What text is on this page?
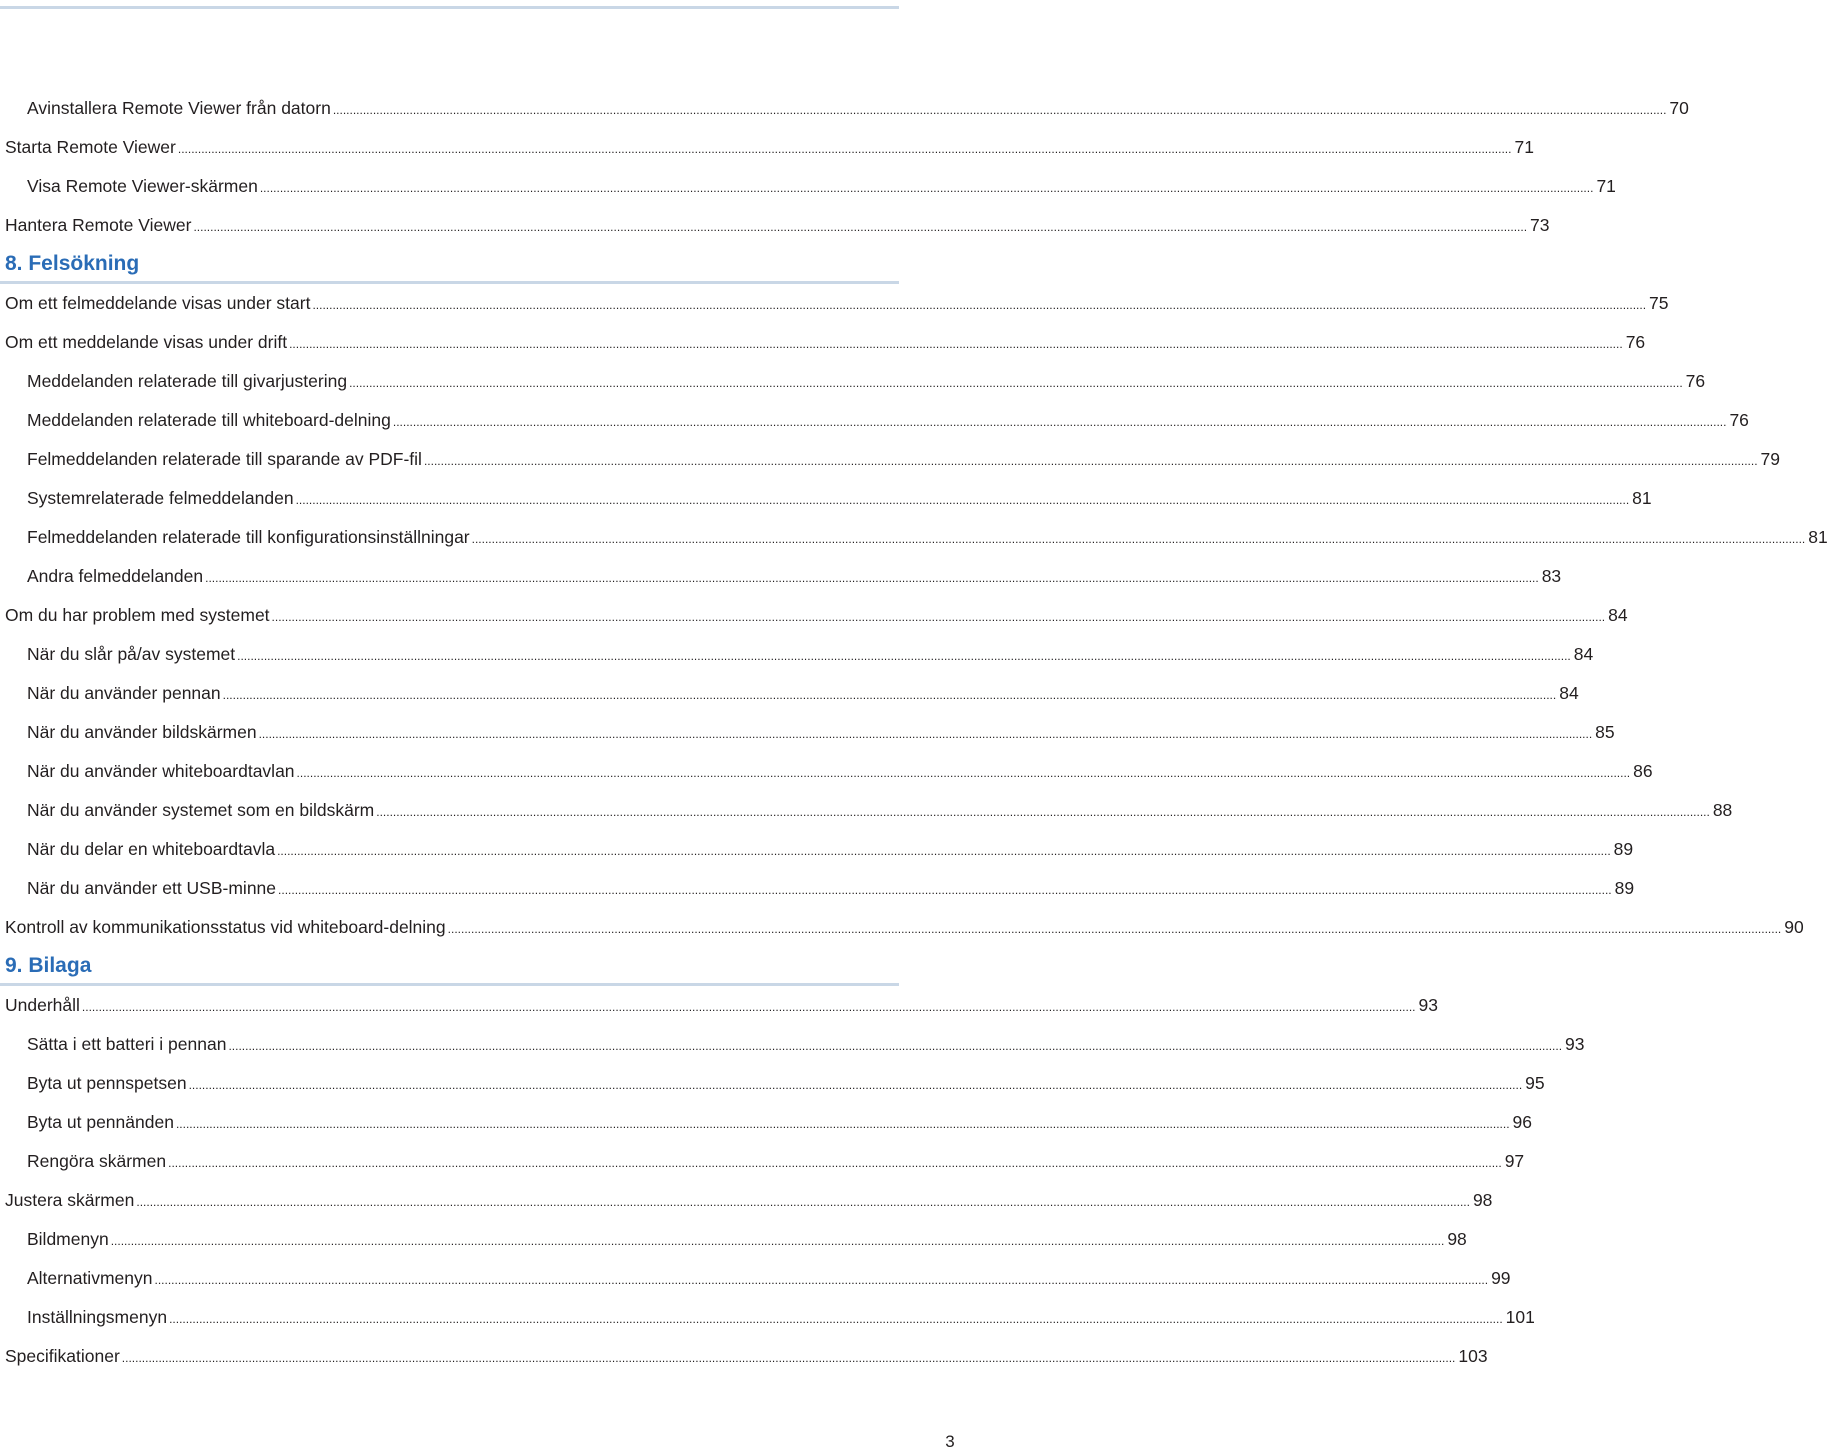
Avinstallera Remote Viewer från datorn ................................................................................................................................................................................................................................................................................................................................................................................................................ 70
Starta Remote Viewer ................................................................................................................................................................................................................................................................................................................................................................................................................ 71
Visa Remote Viewer-skärmen ................................................................................................................................................................................................................................................................................................................................................................................................................ 71
Hantera Remote Viewer ................................................................................................................................................................................................................................................................................................................................................................................................................ 73
8. Felsökning
Om ett felmeddelande visas under start ................................................................................................................................................................................................................................................................................................................................................................................................................ 75
Om ett meddelande visas under drift ................................................................................................................................................................................................................................................................................................................................................................................................................ 76
Meddelanden relaterade till givarjustering ................................................................................................................................................................................................................................................................................................................................................................................................................ 76
Meddelanden relaterade till whiteboard-delning ................................................................................................................................................................................................................................................................................................................................................................................................................ 76
Felmeddelanden relaterade till sparande av PDF-fil ................................................................................................................................................................................................................................................................................................................................................................................................................ 79
Systemrelaterade felmeddelanden ................................................................................................................................................................................................................................................................................................................................................................................................................ 81
Felmeddelanden relaterade till konfigurationsinställningar ................................................................................................................................................................................................................................................................................................................................................................................................................ 81
Andra felmeddelanden ................................................................................................................................................................................................................................................................................................................................................................................................................ 83
Om du har problem med systemet ................................................................................................................................................................................................................................................................................................................................................................................................................ 84
När du slår på/av systemet ................................................................................................................................................................................................................................................................................................................................................................................................................ 84
När du använder pennan ................................................................................................................................................................................................................................................................................................................................................................................................................ 84
När du använder bildskärmen ................................................................................................................................................................................................................................................................................................................................................................................................................ 85
När du använder whiteboardtavlan ................................................................................................................................................................................................................................................................................................................................................................................................................ 86
När du använder systemet som en bildskärm ................................................................................................................................................................................................................................................................................................................................................................................................................ 88
När du delar en whiteboardtavla ................................................................................................................................................................................................................................................................................................................................................................................................................ 89
När du använder ett USB-minne ................................................................................................................................................................................................................................................................................................................................................................................................................ 89
Kontroll av kommunikationsstatus vid whiteboard-delning ................................................................................................................................................................................................................................................................................................................................................................................................................ 90
9. Bilaga
Underhåll ................................................................................................................................................................................................................................................................................................................................................................................................................ 93
Sätta i ett batteri i pennan ................................................................................................................................................................................................................................................................................................................................................................................................................ 93
Byta ut pennspetsen ................................................................................................................................................................................................................................................................................................................................................................................................................ 95
Byta ut pennänden ................................................................................................................................................................................................................................................................................................................................................................................................................ 96
Rengöra skärmen ................................................................................................................................................................................................................................................................................................................................................................................................................ 97
Justera skärmen ................................................................................................................................................................................................................................................................................................................................................................................................................ 98
Bildmenyn ................................................................................................................................................................................................................................................................................................................................................................................................................ 98
Alternativmenyn ................................................................................................................................................................................................................................................................................................................................................................................................................ 99
Inställningsmenyn ................................................................................................................................................................................................................................................................................................................................................................................................................ 101
Specifikationer ................................................................................................................................................................................................................................................................................................................................................................................................................ 103
3
